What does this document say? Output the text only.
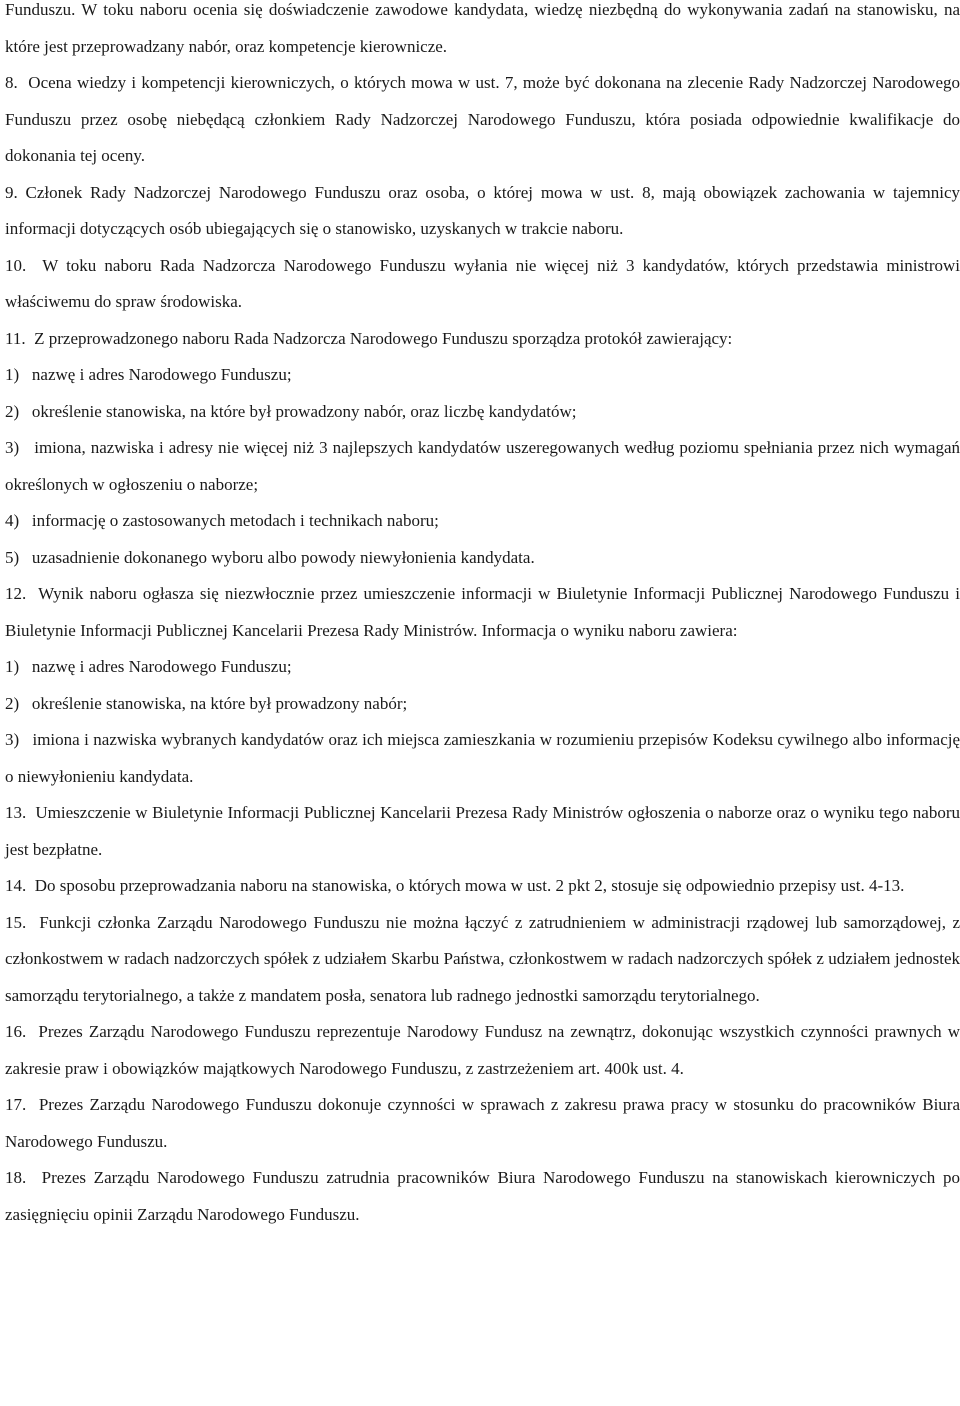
Funduszu. W toku naboru ocenia się doświadczenie zawodowe kandydata, wiedzę niezbędną do wykonywania zadań na stanowisku, na które jest przeprowadzany nabór, oraz kompetencje kierownicze.

8. Ocena wiedzy i kompetencji kierowniczych, o których mowa w ust. 7, może być dokonana na zlecenie Rady Nadzorczej Narodowego Funduszu przez osobę niebędącą członkiem Rady Nadzorczej Narodowego Funduszu, która posiada odpowiednie kwalifikacje do dokonania tej oceny.

9. Członek Rady Nadzorczej Narodowego Funduszu oraz osoba, o której mowa w ust. 8, mają obowiązek zachowania w tajemnicy informacji dotyczących osób ubiegających się o stanowisko, uzyskanych w trakcie naboru.

10. W toku naboru Rada Nadzorcza Narodowego Funduszu wyłania nie więcej niż 3 kandydatów, których przedstawia ministrowi właściwemu do spraw środowiska.

11. Z przeprowadzonego naboru Rada Nadzorcza Narodowego Funduszu sporządza protokół zawierający:

1) nazwę i adres Narodowego Funduszu;

2) określenie stanowiska, na które był prowadzony nabór, oraz liczbę kandydatów;

3) imiona, nazwiska i adresy nie więcej niż 3 najlepszych kandydatów uszeregowanych według poziomu spełniania przez nich wymagań określonych w ogłoszeniu o naborze;

4) informację o zastosowanych metodach i technikach naboru;

5) uzasadnienie dokonanego wyboru albo powody niewyłonienia kandydata.

12. Wynik naboru ogłasza się niezwłocznie przez umieszczenie informacji w Biuletynie Informacji Publicznej Narodowego Funduszu i Biuletynie Informacji Publicznej Kancelarii Prezesa Rady Ministrów. Informacja o wyniku naboru zawiera:

1) nazwę i adres Narodowego Funduszu;

2) określenie stanowiska, na które był prowadzony nabór;

3) imiona i nazwiska wybranych kandydatów oraz ich miejsca zamieszkania w rozumieniu przepisów Kodeksu cywilnego albo informację o niewyłonieniu kandydata.

13. Umieszczenie w Biuletynie Informacji Publicznej Kancelarii Prezesa Rady Ministrów ogłoszenia o naborze oraz o wyniku tego naboru jest bezpłatne.

14. Do sposobu przeprowadzania naboru na stanowiska, o których mowa w ust. 2 pkt 2, stosuje się odpowiednio przepisy ust. 4-13.

15. Funkcji członka Zarządu Narodowego Funduszu nie można łączyć z zatrudnieniem w administracji rządowej lub samorządowej, z członkostwem w radach nadzorczych spółek z udziałem Skarbu Państwa, członkostwem w radach nadzorczych spółek z udziałem jednostek samorządu terytorialnego, a także z mandatem posła, senatora lub radnego jednostki samorządu terytorialnego.

16. Prezes Zarządu Narodowego Funduszu reprezentuje Narodowy Fundusz na zewnątrz, dokonując wszystkich czynności prawnych w zakresie praw i obowiązków majątkowych Narodowego Funduszu, z zastrzeżeniem art. 400k ust. 4.

17. Prezes Zarządu Narodowego Funduszu dokonuje czynności w sprawach z zakresu prawa pracy w stosunku do pracowników Biura Narodowego Funduszu.

18. Prezes Zarządu Narodowego Funduszu zatrudnia pracowników Biura Narodowego Funduszu na stanowiskach kierowniczych po zasięgnięciu opinii Zarządu Narodowego Funduszu.
